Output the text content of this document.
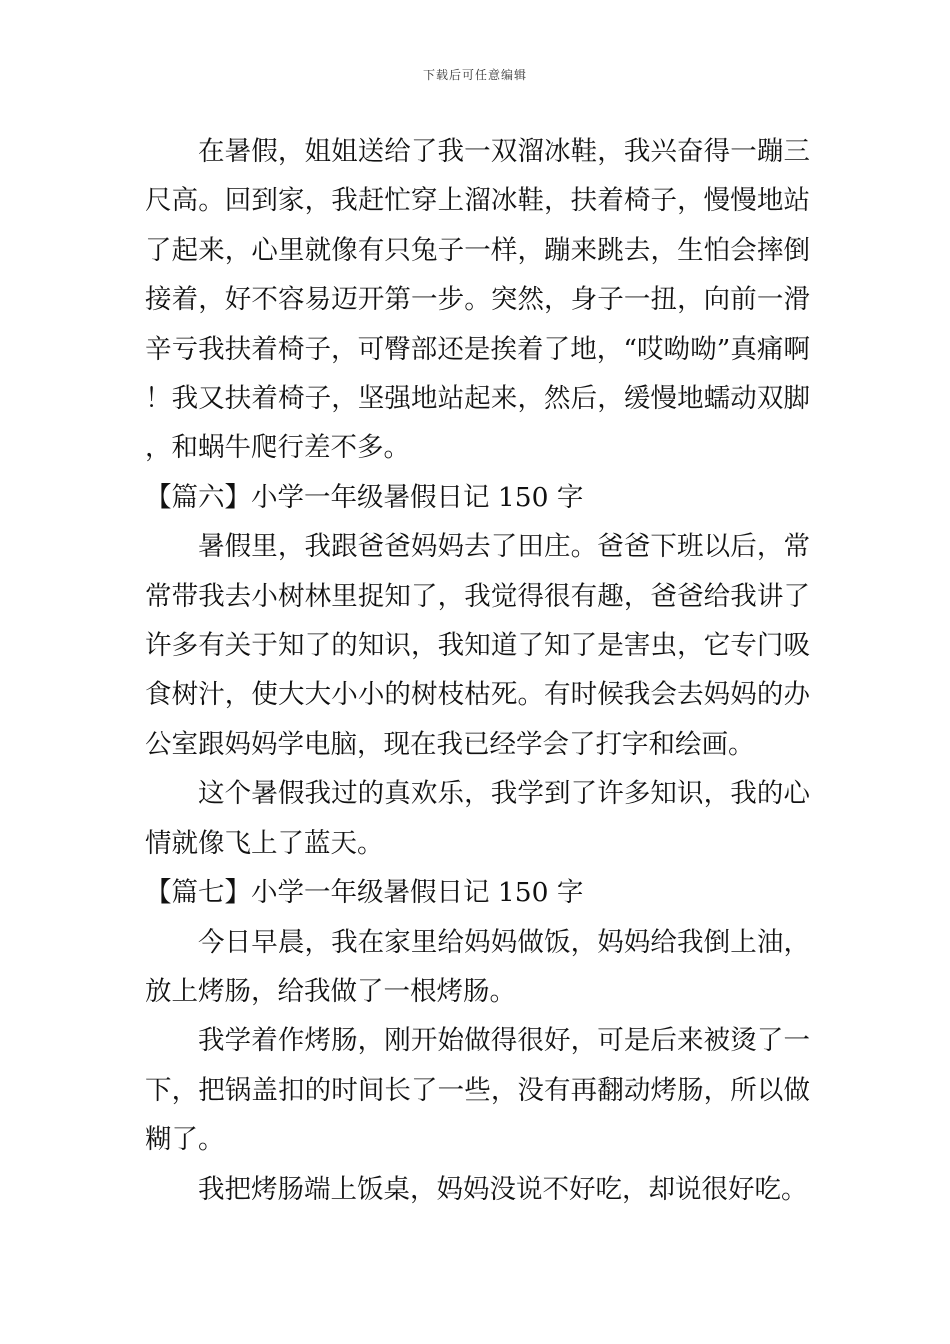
下载后可任意编辑

在暑假，姐姐送给了我一双溜冰鞋，我兴奋得一蹦三尺高。回到家，我赶忙穿上溜冰鞋，扶着椅子，慢慢地站了起来，心里就像有只兔子一样，蹦来跳去，生怕会摔倒接着，好不容易迈开第一步。突然，身子一扭，向前一滑辛亏我扶着椅子，可臀部还是挨着了地，“哎呦呦”真痛啊！我又扶着椅子，坚强地站起来，然后，缓慢地蠕动双脚，和蜗牛爬行差不多。

【篇六】小学一年级暑假日记 150 字

暑假里，我跟爸爸妈妈去了田庄。爸爸下班以后，常常带我去小树林里捉知了，我觉得很有趣，爸爸给我讲了许多有关于知了的知识，我知道了知了是害虫，它专门吸食树汁，使大大小小的树枝枯死。有时候我会去妈妈的办公室跟妈妈学电脑，现在我已经学会了打字和绘画。

这个暑假我过的真欢乐，我学到了许多知识，我的心情就像飞上了蓝天。

【篇七】小学一年级暑假日记 150 字

今日早晨，我在家里给妈妈做饭，妈妈给我倒上油，放上烤肠，给我做了一根烤肠。

我学着作烤肠，刚开始做得很好，可是后来被烫了一下，把锅盖扣的时间长了一些，没有再翻动烤肠，所以做糊了。

我把烤肠端上饭桌，妈妈没说不好吃，却说很好吃。
